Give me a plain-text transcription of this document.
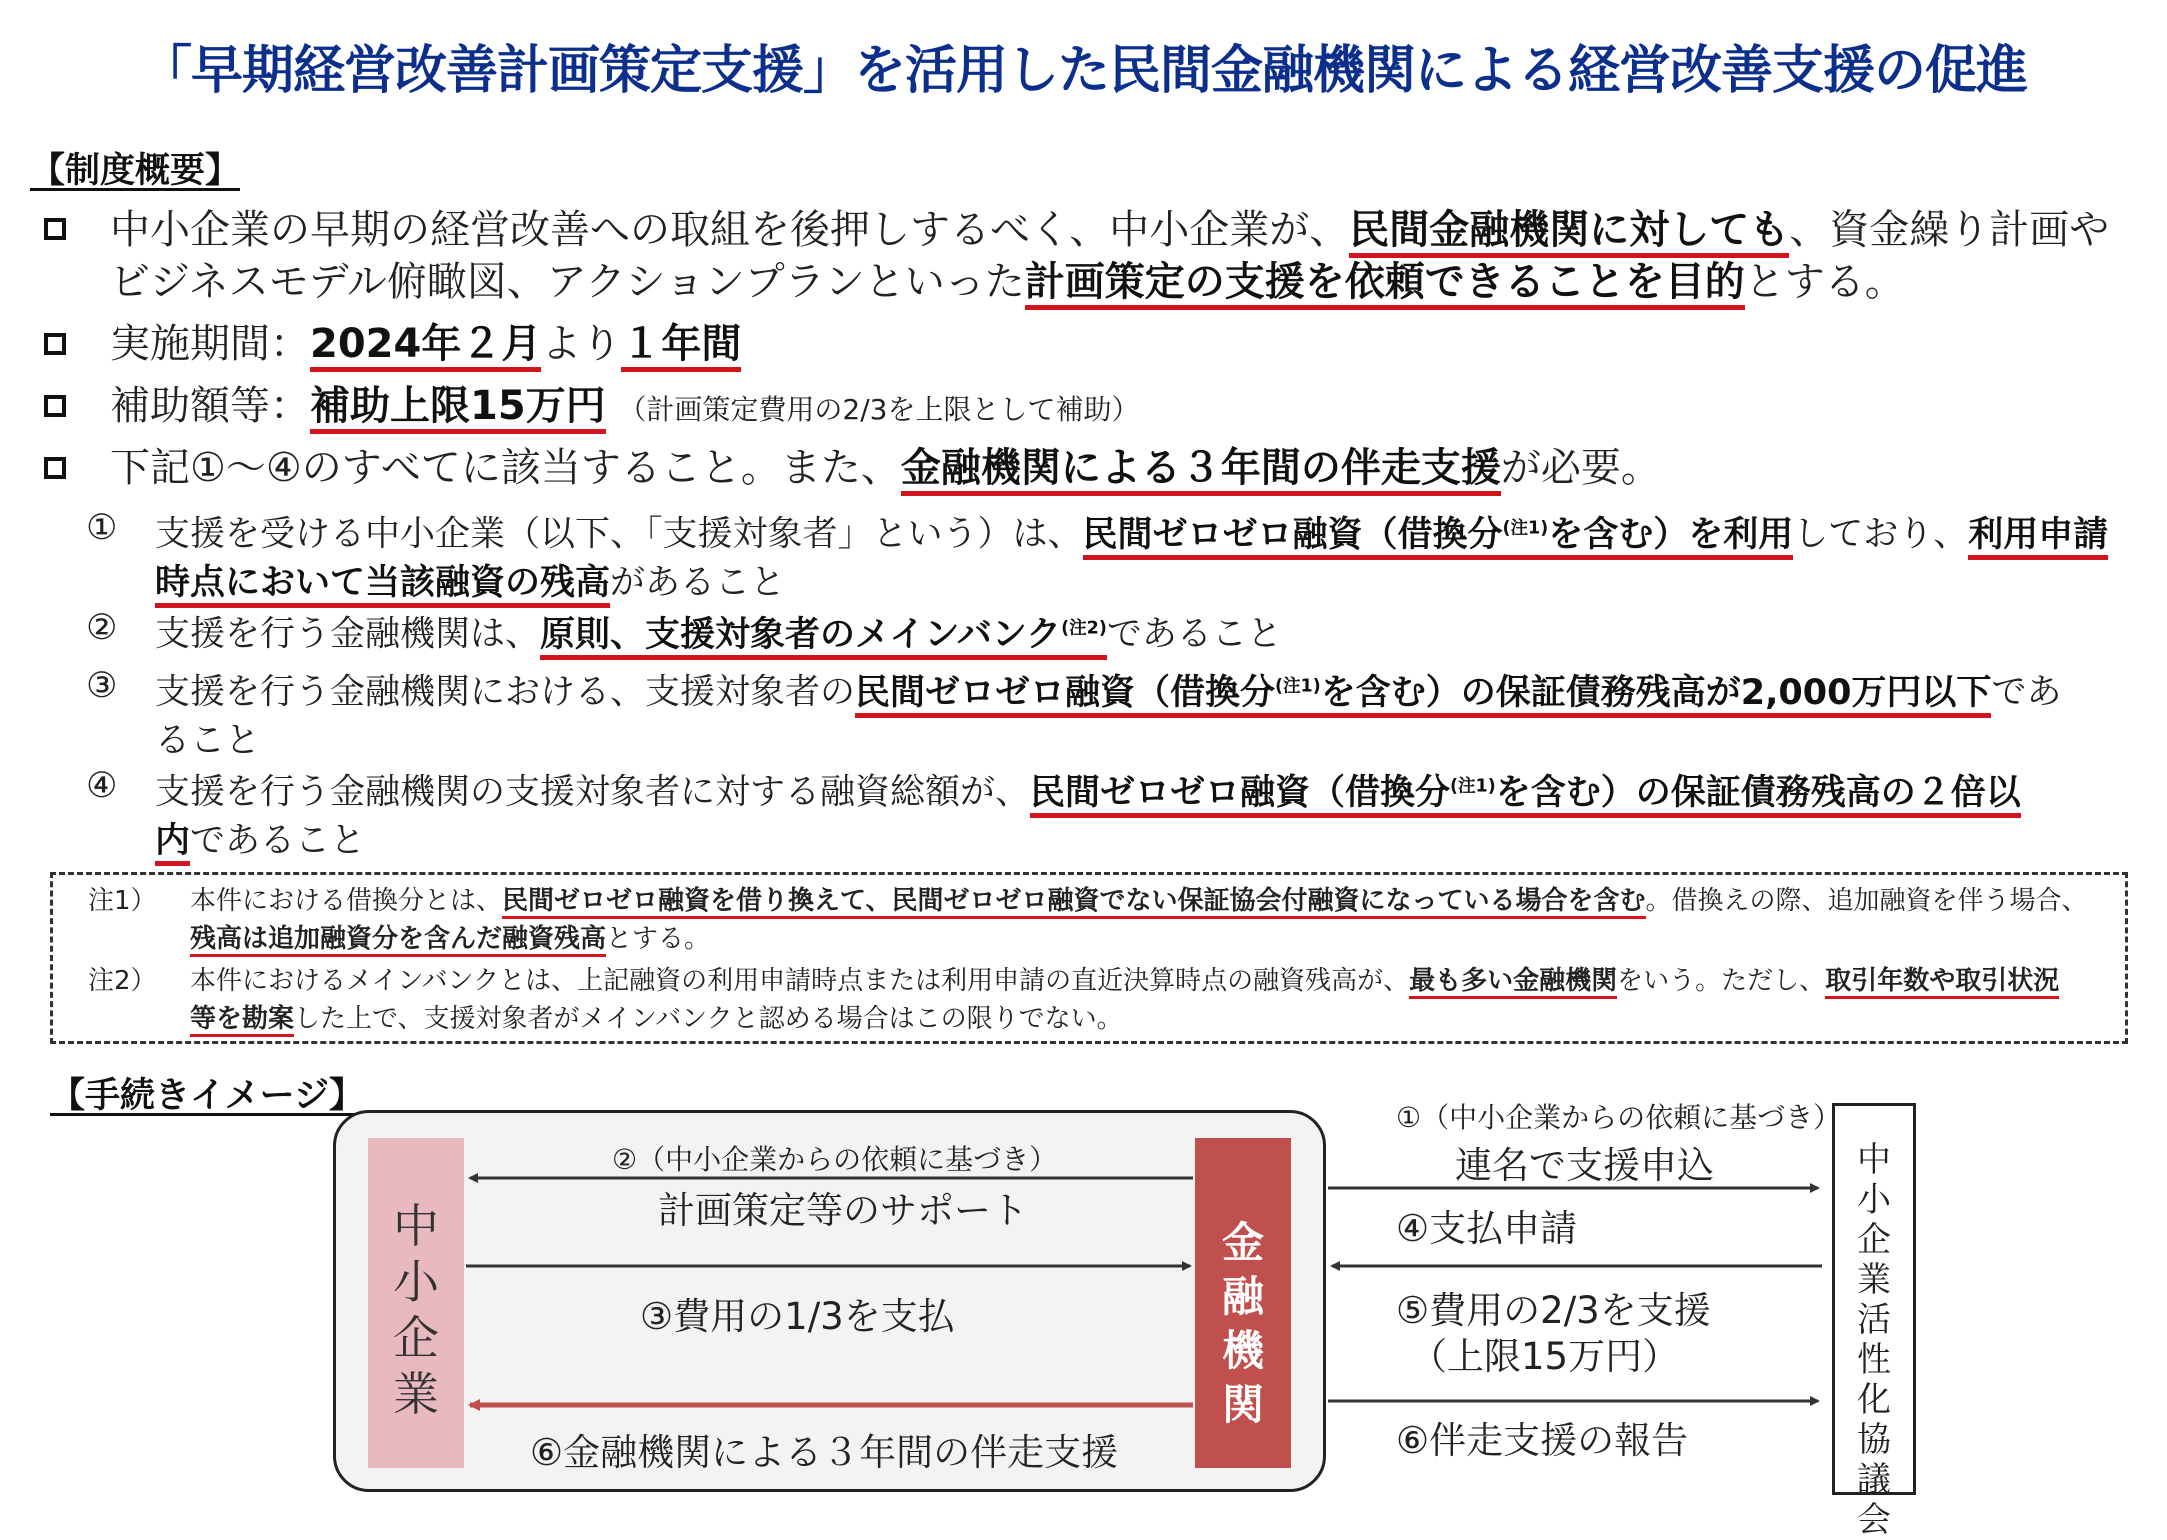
「早期経営改善計画策定支援」を活用した民間金融機関による経営改善支援の促進
【制度概要】
中小企業の早期の経営改善への取組を後押しするべく、中小企業が、民間金融機関に対しても、資金繰り計画や
ビジネスモデル俯瞰図、アクションプランといった計画策定の支援を依頼できることを目的とする。
実施期間：2024年２月より１年間
補助額等：補助上限15万円 （計画策定費用の2/3を上限として補助）
下記①～④のすべてに該当すること。また、金融機関による３年間の伴走支援が必要。
① 支援を受ける中小企業（以下、「支援対象者」という）は、民間ゼロゼロ融資（借換分$^{(注1)}$を含む）を利用しており、利用申請
時点において当該融資の残高があること
② 支援を行う金融機関は、原則、支援対象者のメインバンク$^{(注2)}$であること
③ 支援を行う金融機関における、支援対象者の民間ゼロゼロ融資（借換分$^{(注1)}$を含む）の保証債務残高が2,000万円以下であ
ること
④ 支援を行う金融機関の支援対象者に対する融資総額が、民間ゼロゼロ融資（借換分$^{(注1)}$を含む）の保証債務残高の２倍以
内であること
注1） 本件における借換分とは、民間ゼロゼロ融資を借り換えて、民間ゼロゼロ融資でない保証協会付融資になっている場合を含む。借換えの際、追加融資を伴う場合、
残高は追加融資分を含んだ融資残高とする。
注2） 本件におけるメインバンクとは、上記融資の利用申請時点または利用申請の直近決算時点の融資残高が、最も多い金融機関をいう。ただし、取引年数や取引状況
等を勘案した上で、支援対象者がメインバンクと認める場合はこの限りでない。
【手続きイメージ】
中小企業
金融機関
中小企業活性化協議会
②（中小企業からの依頼に基づき）
計画策定等のサポート
③費用の1/3を支払
⑥金融機関による３年間の伴走支援
①（中小企業からの依頼に基づき）
連名で支援申込
④支払申請
⑤費用の2/3を支援
（上限15万円）
⑥伴走支援の報告
